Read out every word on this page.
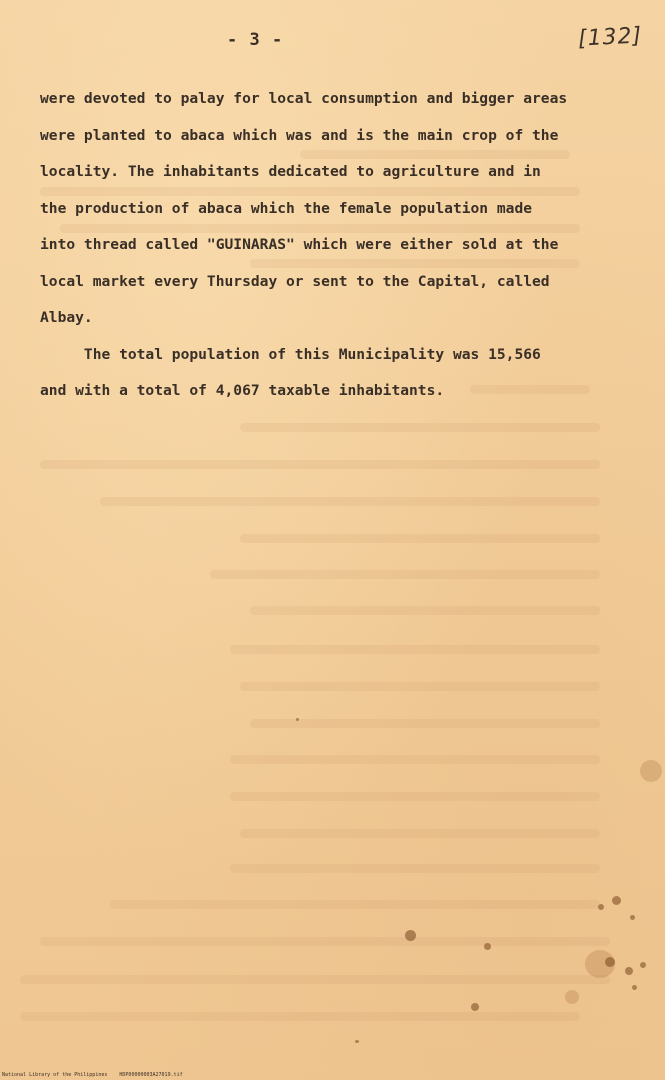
- 3 -	[132]

were devoted to palay for local consumption and bigger areas

were planted to abaca which was and is the main crop of the

locality. The inhabitants dedicated to agriculture and in

the production of abaca which the female population made

into thread called "GUINARAS" which were either sold at the

local market every Thursday or sent to the Capital, called

Albay.

The total population of this Municipality was 15,566

and with a total of 4,067 taxable inhabitants.

National Library of the Philippines    HDP00000003A27019.tif
